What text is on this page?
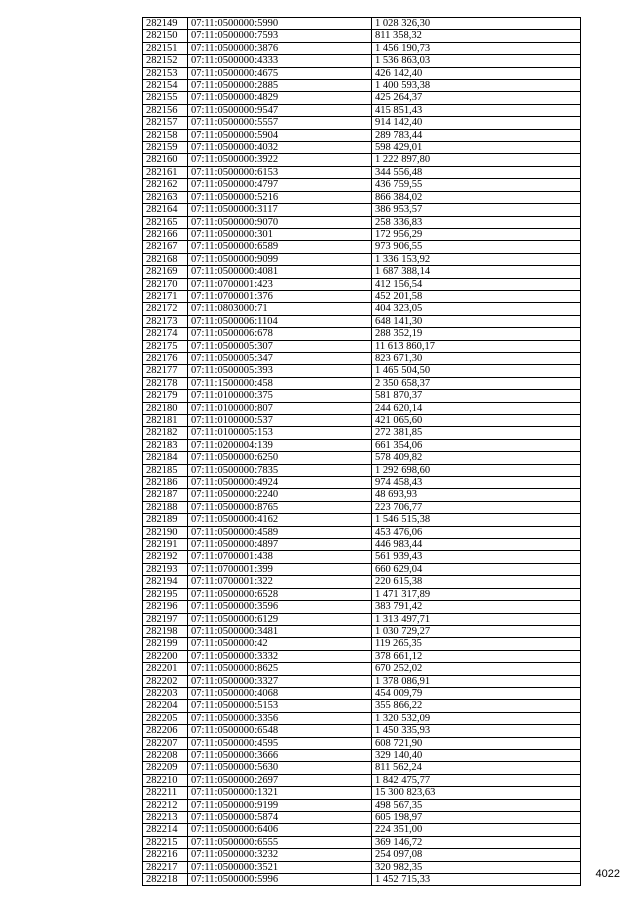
282149	07:11:0500000:5990	1 028 326,30
282150	07:11:0500000:7593	811 358,32
282151	07:11:0500000:3876	1 456 190,73
282152	07:11:0500000:4333	1 536 863,03
282153	07:11:0500000:4675	426 142,40
282154	07:11:0500000:2885	1 400 593,38
282155	07:11:0500000:4829	425 264,37
282156	07:11:0500000:9547	415 851,43
282157	07:11:0500000:5557	914 142,40
282158	07:11:0500000:5904	289 783,44
282159	07:11:0500000:4032	598 429,01
282160	07:11:0500000:3922	1 222 897,80
282161	07:11:0500000:6153	344 556,48
282162	07:11:0500000:4797	436 759,55
282163	07:11:0500000:5216	866 384,02
282164	07:11:0500000:3117	386 953,57
282165	07:11:0500000:9070	258 336,83
282166	07:11:0500000:301	172 956,29
282167	07:11:0500000:6589	973 906,55
282168	07:11:0500000:9099	1 336 153,92
282169	07:11:0500000:4081	1 687 388,14
282170	07:11:0700001:423	412 156,54
282171	07:11:0700001:376	452 201,58
282172	07:11:0803000:71	404 323,05
282173	07:11:0500006:1104	648 141,30
282174	07:11:0500006:678	288 352,19
282175	07:11:0500005:307	11 613 860,17
282176	07:11:0500005:347	823 671,30
282177	07:11:0500005:393	1 465 504,50
282178	07:11:1500000:458	2 350 658,37
282179	07:11:0100000:375	581 870,37
282180	07:11:0100000:807	244 620,14
282181	07:11:0100000:537	421 065,60
282182	07:11:0100005:153	272 381,85
282183	07:11:0200004:139	661 354,06
282184	07:11:0500000:6250	578 409,82
282185	07:11:0500000:7835	1 292 698,60
282186	07:11:0500000:4924	974 458,43
282187	07:11:0500000:2240	48 693,93
282188	07:11:0500000:8765	223 706,77
282189	07:11:0500000:4162	1 546 515,38
282190	07:11:0500000:4589	453 476,06
282191	07:11:0500000:4897	446 983,44
282192	07:11:0700001:438	561 939,43
282193	07:11:0700001:399	660 629,04
282194	07:11:0700001:322	220 615,38
282195	07:11:0500000:6528	1 471 317,89
282196	07:11:0500000:3596	383 791,42
282197	07:11:0500000:6129	1 313 497,71
282198	07:11:0500000:3481	1 030 729,27
282199	07:11:0500000:42	119 265,35
282200	07:11:0500000:3332	378 661,12
282201	07:11:0500000:8625	670 252,02
282202	07:11:0500000:3327	1 378 086,91
282203	07:11:0500000:4068	454 009,79
282204	07:11:0500000:5153	355 866,22
282205	07:11:0500000:3356	1 320 532,09
282206	07:11:0500000:6548	1 450 335,93
282207	07:11:0500000:4595	608 721,90
282208	07:11:0500000:3666	329 140,40
282209	07:11:0500000:5630	811 562,24
282210	07:11:0500000:2697	1 842 475,77
282211	07:11:0500000:1321	15 300 823,63
282212	07:11:0500000:9199	498 567,35
282213	07:11:0500000:5874	605 198,97
282214	07:11:0500000:6406	224 351,00
282215	07:11:0500000:6555	369 146,72
282216	07:11:0500000:3232	254 097,08
282217	07:11:0500000:3521	320 982,35
282218	07:11:0500000:5996	1 452 715,33	4022
